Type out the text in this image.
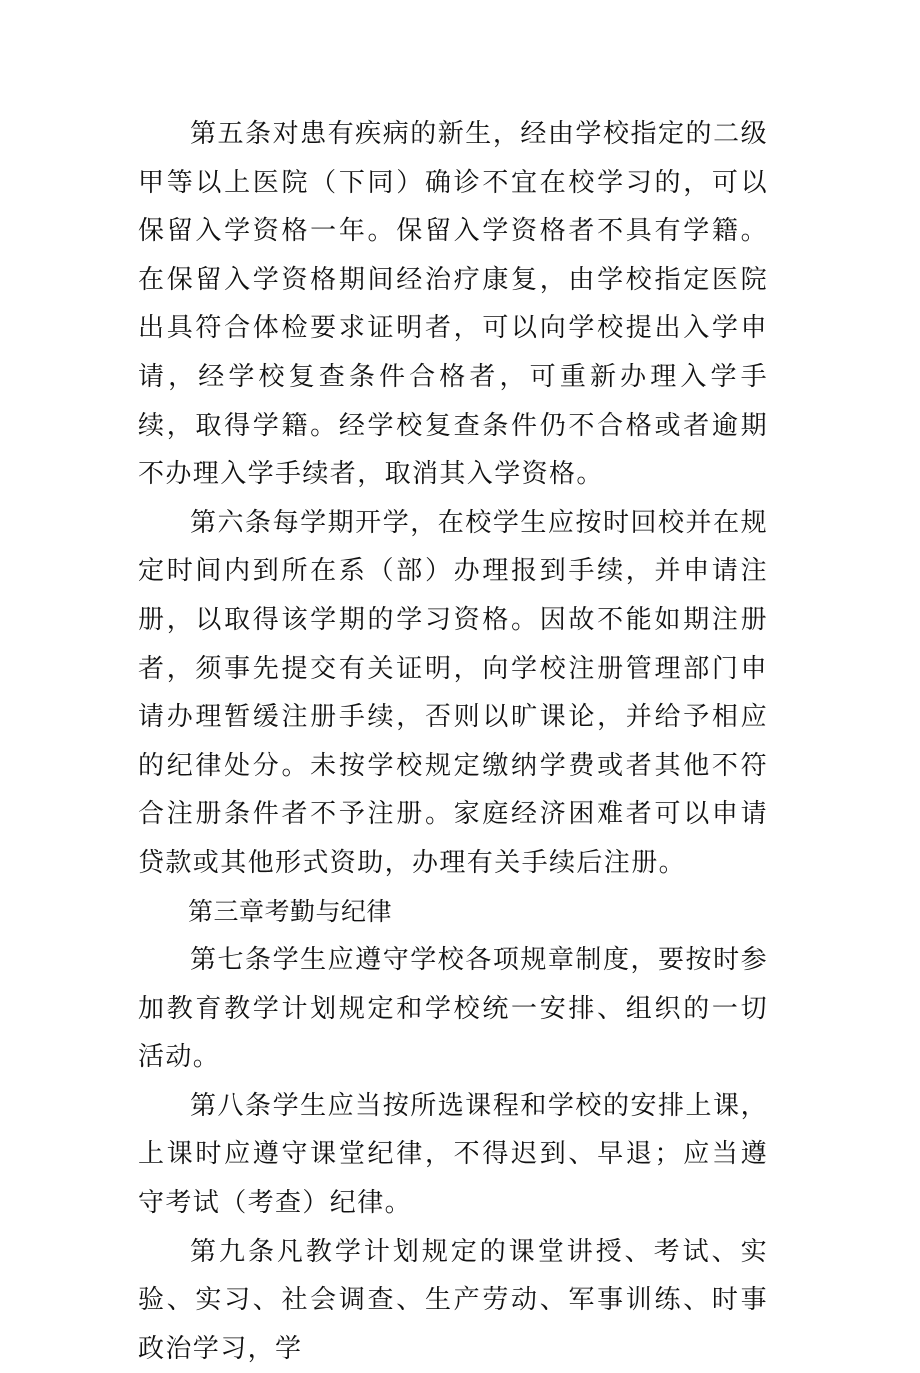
第五条对患有疾病的新生，经由学校指定的二级甲等以上医院（下同）确诊不宜在校学习的，可以保留入学资格一年。保留入学资格者不具有学籍。在保留入学资格期间经治疗康复，由学校指定医院出具符合体检要求证明者，可以向学校提出入学申请，经学校复查条件合格者，可重新办理入学手续，取得学籍。经学校复查条件仍不合格或者逾期不办理入学手续者，取消其入学资格。

第六条每学期开学，在校学生应按时回校并在规定时间内到所在系（部）办理报到手续，并申请注册，以取得该学期的学习资格。因故不能如期注册者，须事先提交有关证明，向学校注册管理部门申请办理暂缓注册手续，否则以旷课论，并给予相应的纪律处分。未按学校规定缴纳学费或者其他不符合注册条件者不予注册。家庭经济困难者可以申请贷款或其他形式资助，办理有关手续后注册。

第三章考勤与纪律

第七条学生应遵守学校各项规章制度，要按时参加教育教学计划规定和学校统一安排、组织的一切活动。

第八条学生应当按所选课程和学校的安排上课，上课时应遵守课堂纪律，不得迟到、早退；应当遵守考试（考查）纪律。

第九条凡教学计划规定的课堂讲授、考试、实验、实习、社会调查、生产劳动、军事训练、时事政治学习，学
